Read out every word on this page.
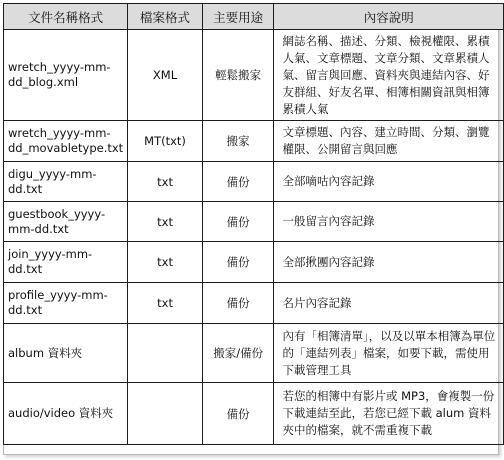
文件名稱格式	檔案格式	主要用途	內容說明
wretch_yyyy-mm-dd_blog.xml	XML	輕鬆搬家	網誌名稱、描述、分類、檢視權限、累積人氣、文章標題、文章分類、文章累積人氣、留言與回應、資料夾與連結內容、好友群組、好友名單、相簿相關資訊與相簿累積人氣
wretch_yyyy-mm-dd_movabletype.txt	MT(txt)	搬家	文章標題、內容、建立時間、分類、瀏覽權限、公開留言與回應
digu_yyyy-mm-dd.txt	txt	備份	全部嘀咕內容記錄
guestbook_yyyy-mm-dd.txt	txt	備份	一般留言內容記錄
join_yyyy-mm-dd.txt	txt	備份	全部揪團內容記錄
profile_yyyy-mm-dd.txt	txt	備份	名片內容記錄
album 資料夾		搬家/備份	內有「相簿清單」，以及以單本相簿為單位的「連結列表」檔案，如要下載，需使用下載管理工具
audio/video 資料夾		備份	若您的相簿中有影片或 MP3，會複製一份下載連結至此，若您已經下載 alum 資料夾中的檔案，就不需重複下載
